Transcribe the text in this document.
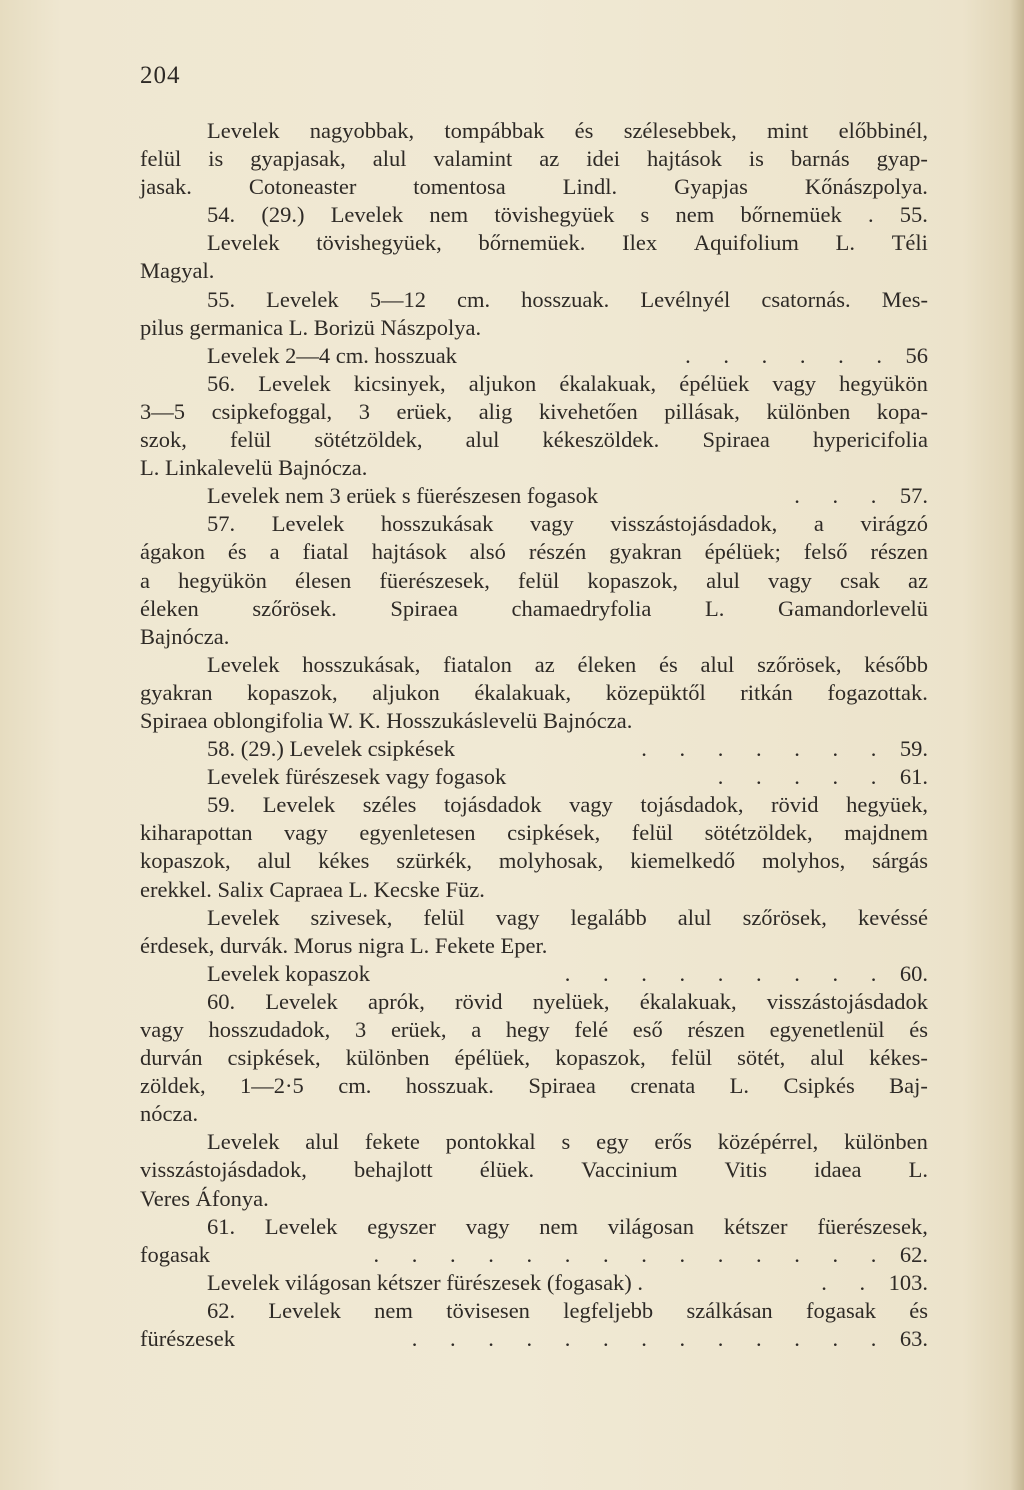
204
Levelek nagyobbak, tompábbak és szélesebbek, mint előbbinél,
felül is gyapjasak, alul valamint az idei hajtások is barnás gyap-
jasak.	Cotoneaster	tomentosa	Lindl.	Gyapjas	Kőnászpolya.
54. (29.) Levelek nem tövishegyüek s nem bőrnemüek . 55.
Levelek tövishegyüek, bőrnemüek. Ilex Aquifolium L. Téli
Magyal.
55. Levelek 5—12 cm. hosszuak. Levélnyél csatornás. Mes-
pilus germanica L. Borizü Nászpolya.
Levelek 2—4 cm. hosszuak	. . . . . . 56
56. Levelek kicsinyek, aljukon ékalakuak, épélüek vagy hegyükön
3—5 csipkefoggal, 3 erüek, alig kivehetően pillásak, különben kopa-
szok, felül sötétzöldek, alul kékeszöldek. Spiraea hypericifolia
L. Linkalevelü Bajnócza.
Levelek nem 3 erüek s füerészesen fogasok	. . . 57.
57. Levelek hosszukásak vagy visszástojásdadok, a virágzó
ágakon és a fiatal hajtások alsó részén gyakran épélüek; felső részen
a hegyükön élesen füerészesek, felül kopaszok, alul vagy csak az
éleken szőrösek. Spiraea chamaedryfolia L. Gamandorlevelü
Bajnócza.
Levelek hosszukásak, fiatalon az éleken és alul szőrösek, később
gyakran kopaszok, aljukon ékalakuak, közepüktől ritkán fogazottak.
Spiraea oblongifolia W. K. Hosszukáslevelü Bajnócza.
58. (29.) Levelek csipkések	. . . . . . . 59.
Levelek fürészesek vagy fogasok	. . . . . 61.
59. Levelek széles tojásdadok vagy tojásdadok, rövid hegyüek,
kiharapottan vagy egyenletesen csipkések, felül sötétzöldek, majdnem
kopaszok, alul kékes szürkék, molyhosak, kiemelkedő molyhos, sárgás
erekkel. Salix Capraea L. Kecske Füz.
Levelek szivesek, felül vagy legalább alul szőrösek, kevéssé
érdesek, durvák. Morus nigra L. Fekete Eper.
Levelek kopaszok	. . . . . . . . . 60.
60. Levelek aprók, rövid nyelüek, ékalakuak, visszástojásdadok
vagy hosszudadok, 3 erüek, a hegy felé eső részen egyenetlenül és
durván csipkések, különben épélüek, kopaszok, felül sötét, alul kékes-
zöldek, 1—2·5 cm. hosszuak. Spiraea crenata L. Csipkés Baj-
nócza.
Levelek alul fekete pontokkal s egy erős középérrel, különben
visszástojásdadok, behajlott élüek. Vaccinium Vitis idaea L.
Veres Áfonya.
61. Levelek egyszer vagy nem világosan kétszer füerészesek,
fogasak	. . . . . . . . . . . . . . 62.
Levelek világosan kétszer fürészesek (fogasak) .	. . 103.
62. Levelek nem tövisesen legfeljebb szálkásan fogasak és
fürészesek	. . . . . . . . . . . . . 63.
